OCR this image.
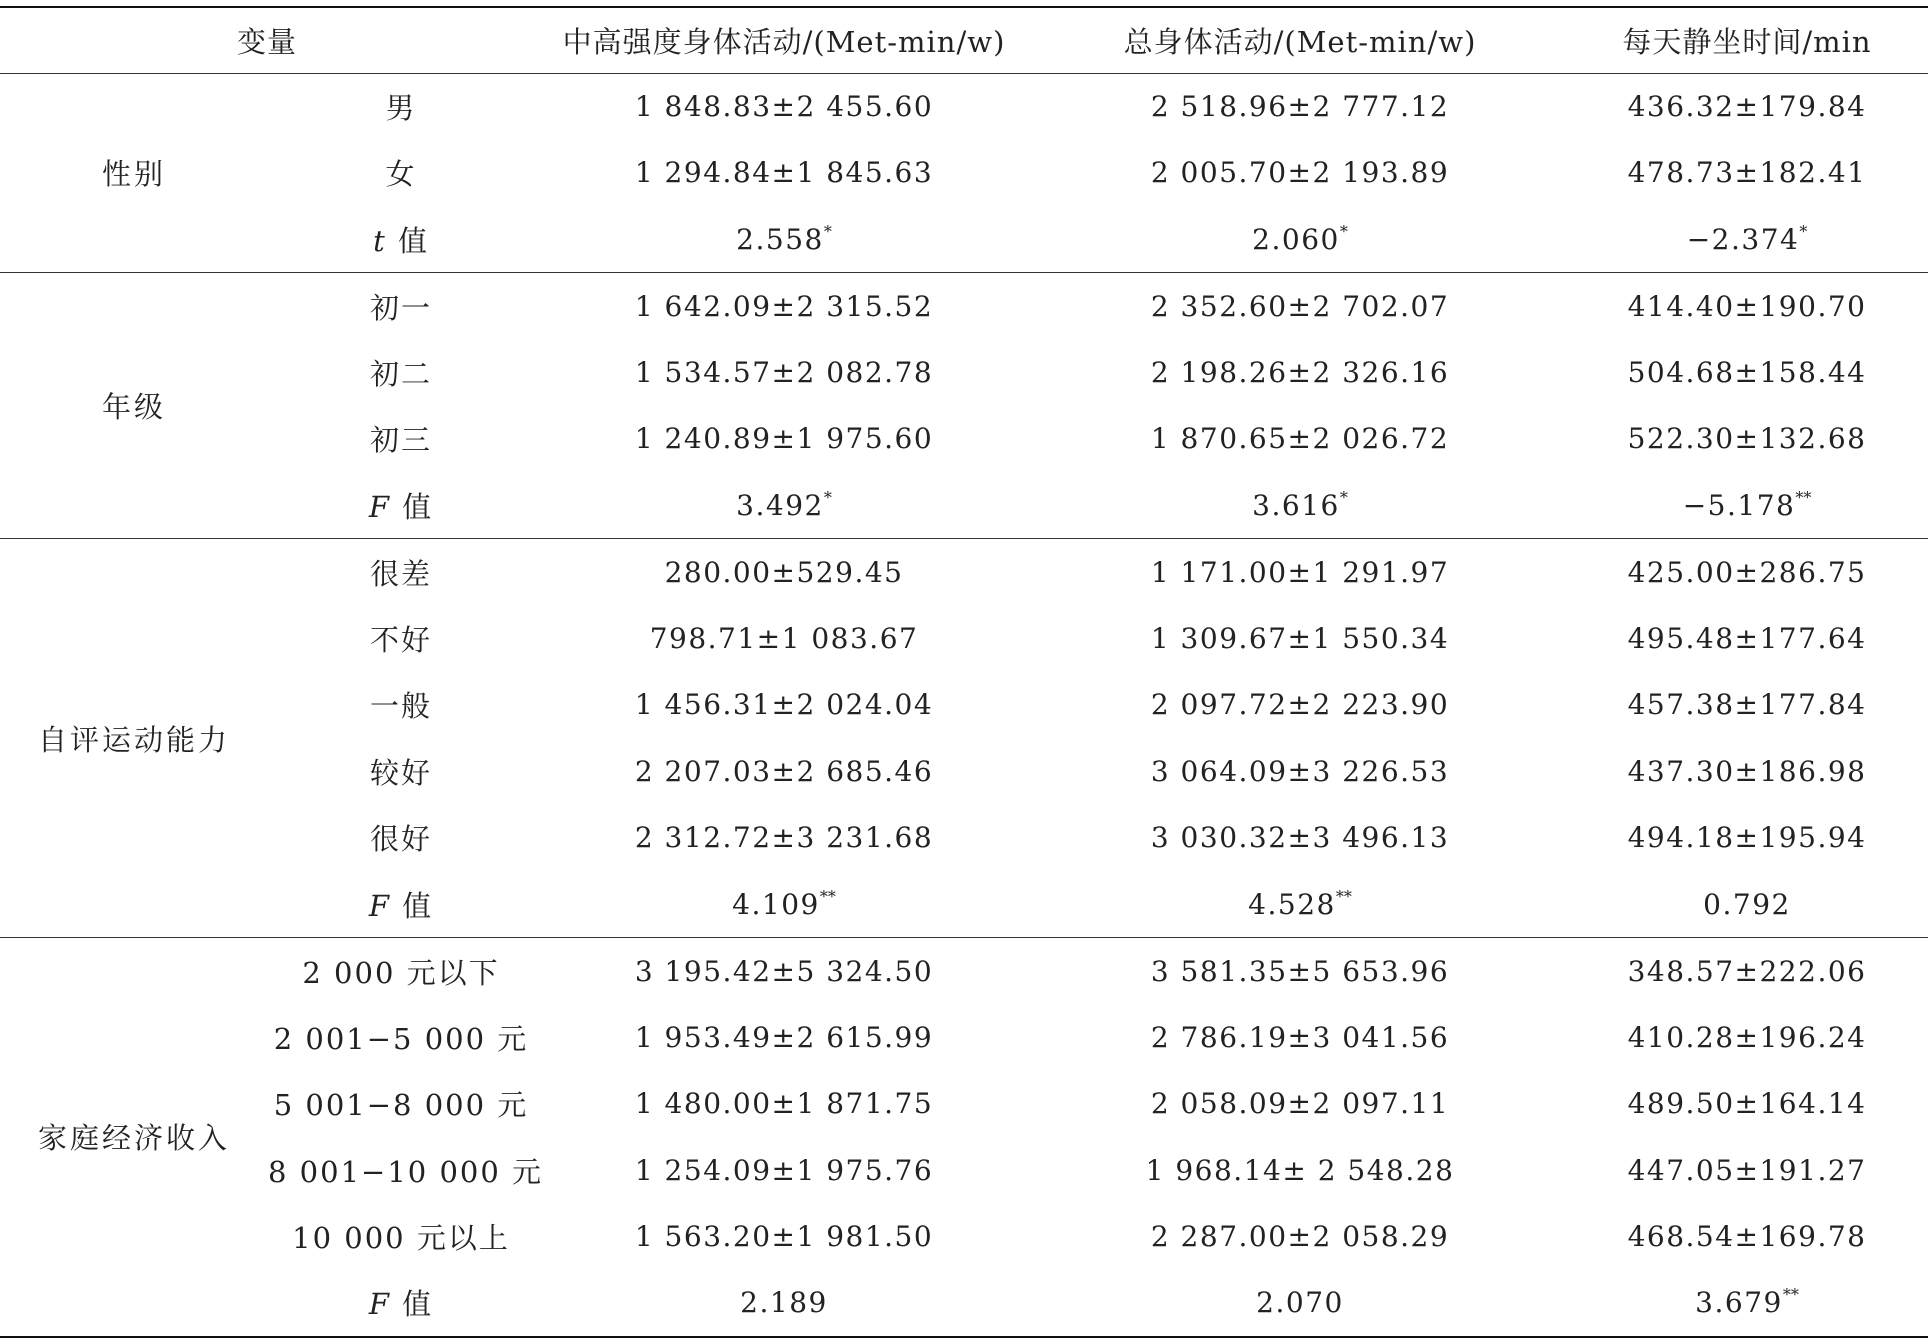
变量		中高强度身体活动/(Met-min/w)	总身体活动/(Met-min/w)	每天静坐时间/min
性别	男	1 848.83±2 455.60	2 518.96±2 777.12	436.32±179.84
	女	1 294.84±1 845.63	2 005.70±2 193.89	478.73±182.41
	t 值	2.558*	2.060*	−2.374*
年级	初一	1 642.09±2 315.52	2 352.60±2 702.07	414.40±190.70
	初二	1 534.57±2 082.78	2 198.26±2 326.16	504.68±158.44
	初三	1 240.89±1 975.60	1 870.65±2 026.72	522.30±132.68
	F 值	3.492*	3.616*	−5.178**
自评运动能力	很差	280.00±529.45	1 171.00±1 291.97	425.00±286.75
	不好	798.71±1 083.67	1 309.67±1 550.34	495.48±177.64
	一般	1 456.31±2 024.04	2 097.72±2 223.90	457.38±177.84
	较好	2 207.03±2 685.46	3 064.09±3 226.53	437.30±186.98
	很好	2 312.72±3 231.68	3 030.32±3 496.13	494.18±195.94
	F 值	4.109**	4.528**	0.792
家庭经济收入	2 000 元以下	3 195.42±5 324.50	3 581.35±5 653.96	348.57±222.06
	2 001−5 000 元	1 953.49±2 615.99	2 786.19±3 041.56	410.28±196.24
	5 001−8 000 元	1 480.00±1 871.75	2 058.09±2 097.11	489.50±164.14
	8 001−10 000 元	1 254.09±1 975.76	1 968.14± 2 548.28	447.05±191.27
	10 000 元以上	1 563.20±1 981.50	2 287.00±2 058.29	468.54±169.78
	F 值	2.189	2.070	3.679**
